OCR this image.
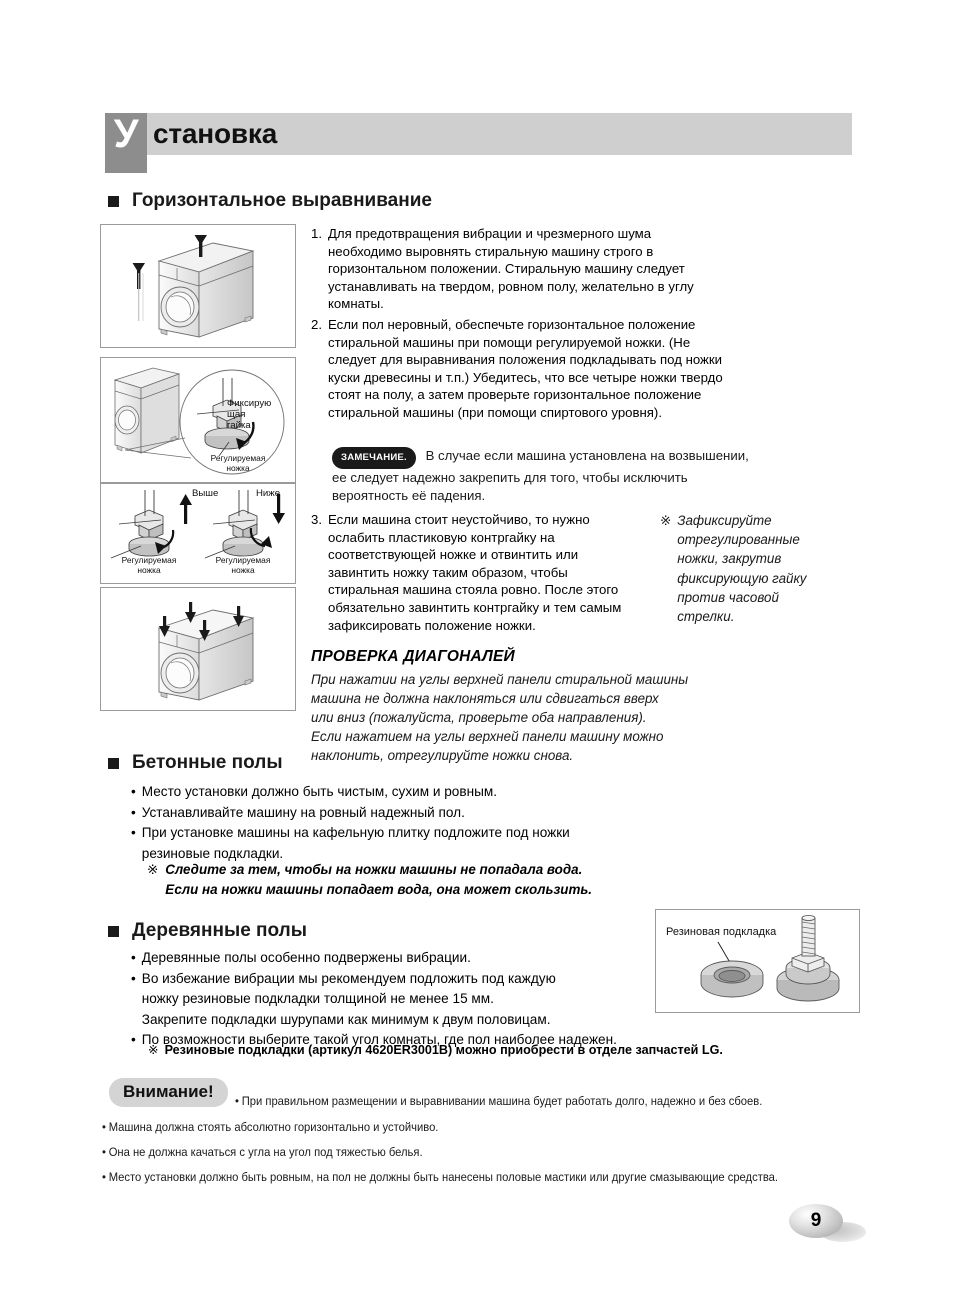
У становка
Горизонтальное выравнивание
Фиксирую
щая
гайка
Регулируемая
ножка
Выше	Ниже
Регулируемая
ножка
Регулируемая
ножка
1. Для предотвращения вибрации и чрезмерного шума необходимо выровнять стиральную машину строго в горизонтальном положении. Стиральную машину следует устанавливать на твердом, ровном полу, желательно в углу комнаты.
2. Если пол неровный, обеспечьте горизонтальное положение стиральной машины при помощи регулируемой ножки. (Не следует для выравнивания положения подкладывать под ножки куски древесины и т.п.) Убедитесь, что все четыре ножки твердо стоят на полу, а затем проверьте горизонтальное положение стиральной машины (при помощи спиртового уровня).
ЗАМЕЧАНИЕ. В случае если машина установлена на возвышении, ее следует надежно закрепить для того, чтобы исключить вероятность её падения.
3. Если машина стоит неустойчиво, то нужно ослабить пластиковую контргайку на соответствующей ножке и отвинтить или завинтить ножку таким образом, чтобы стиральная машина стояла ровно. После этого обязательно завинтить контргайку и тем самым зафиксировать положение ножки.
※ Зафиксируйте отрегулированные ножки, закрутив фиксирующую гайку против часовой стрелки.
ПРОВЕРКА ДИАГОНАЛЕЙ
При нажатии на углы верхней панели стиральной машины
машина не должна наклоняться или сдвигаться вверх
или вниз (пожалуйста, проверьте оба направления).
Если нажатием на углы верхней панели машину можно
наклонить, отрегулируйте ножки снова.
Бетонные полы
• Место установки должно быть чистым, сухим и ровным.
• Устанавливайте машину на ровный надежный пол.
• При установке машины на кафельную плитку подложите под ножки
резиновые подкладки.
※ Следите за тем, чтобы на ножки машины не попадала вода.
Если на ножки машины попадает вода, она может скользить.
Деревянные полы
• Деревянные полы особенно подвержены вибрации.
• Во избежание вибрации мы рекомендуем подложить под каждую
ножку резиновые подкладки толщиной не менее 15 мм.
Закрепите подкладки шурупами как минимум к двум половицам.
• По возможности выберите такой угол комнаты, где пол наиболее надежен.
※ Резиновые подкладки (артикул 4620ER3001B) можно приобрести в отделе запчастей LG.
Резиновая подкладка
Внимание!	• При правильном размещении и выравнивании машина будет работать долго, надежно и без сбоев.
• Машина должна стоять абсолютно горизонтально и устойчиво.
• Она не должна качаться с угла на угол под тяжестью белья.
• Место установки должно быть ровным, на пол не должны быть нанесены половые мастики или другие смазывающие средства.
9
